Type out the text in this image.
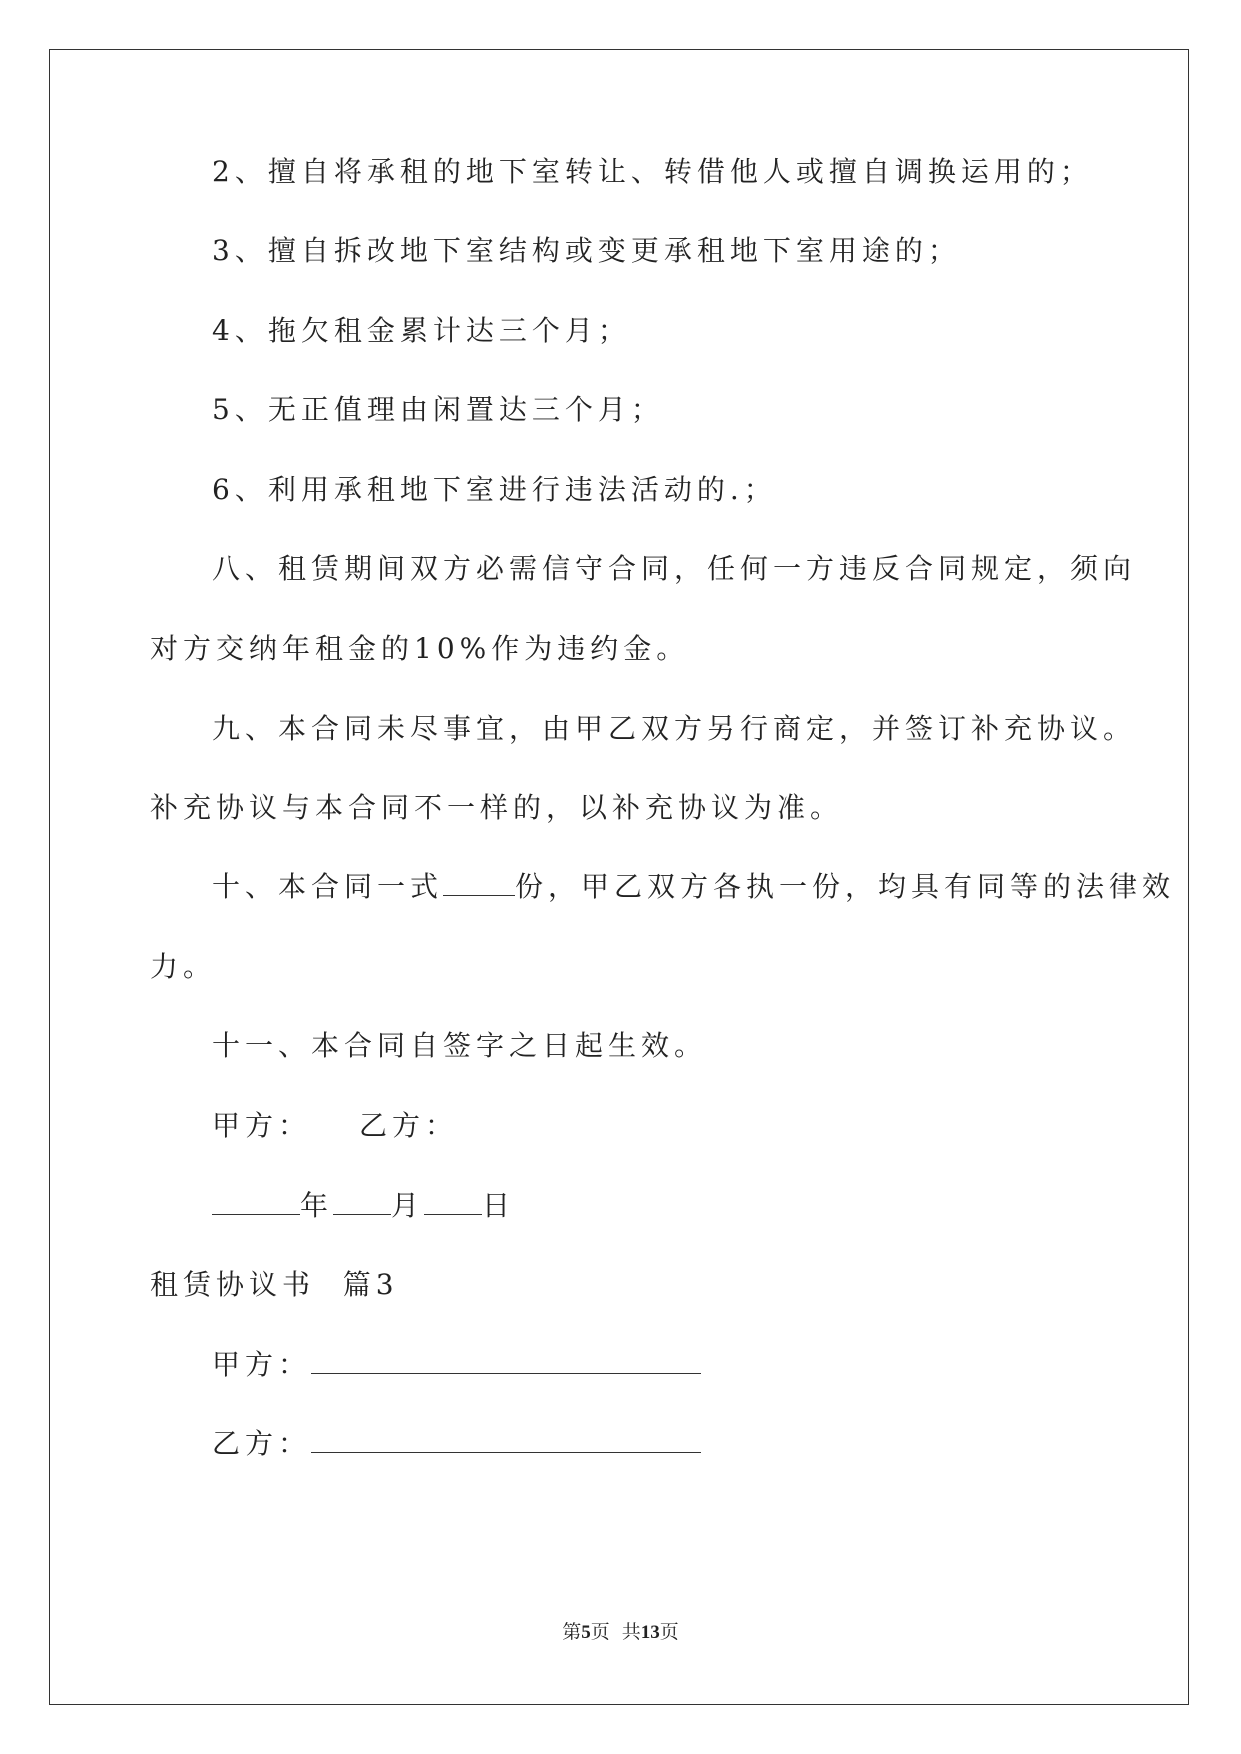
2、擅自将承租的地下室转让、转借他人或擅自调换运用的；
3、擅自拆改地下室结构或变更承租地下室用途的；
4、拖欠租金累计达三个月；
5、无正值理由闲置达三个月；
6、利用承租地下室进行违法活动的.；
八、租赁期间双方必需信守合同，任何一方违反合同规定，须向
对方交纳年租金的10%作为违约金。
九、本合同未尽事宜，由甲乙双方另行商定，并签订补充协议。
补充协议与本合同不一样的，以补充协议为准。
十、本合同一式	份，甲乙双方各执一份，均具有同等的法律效
力。
十一、本合同自签字之日起生效。
甲方： 乙方：
年 月 日
租赁协议书  篇3
甲方：
乙方：
第5页  共13页
